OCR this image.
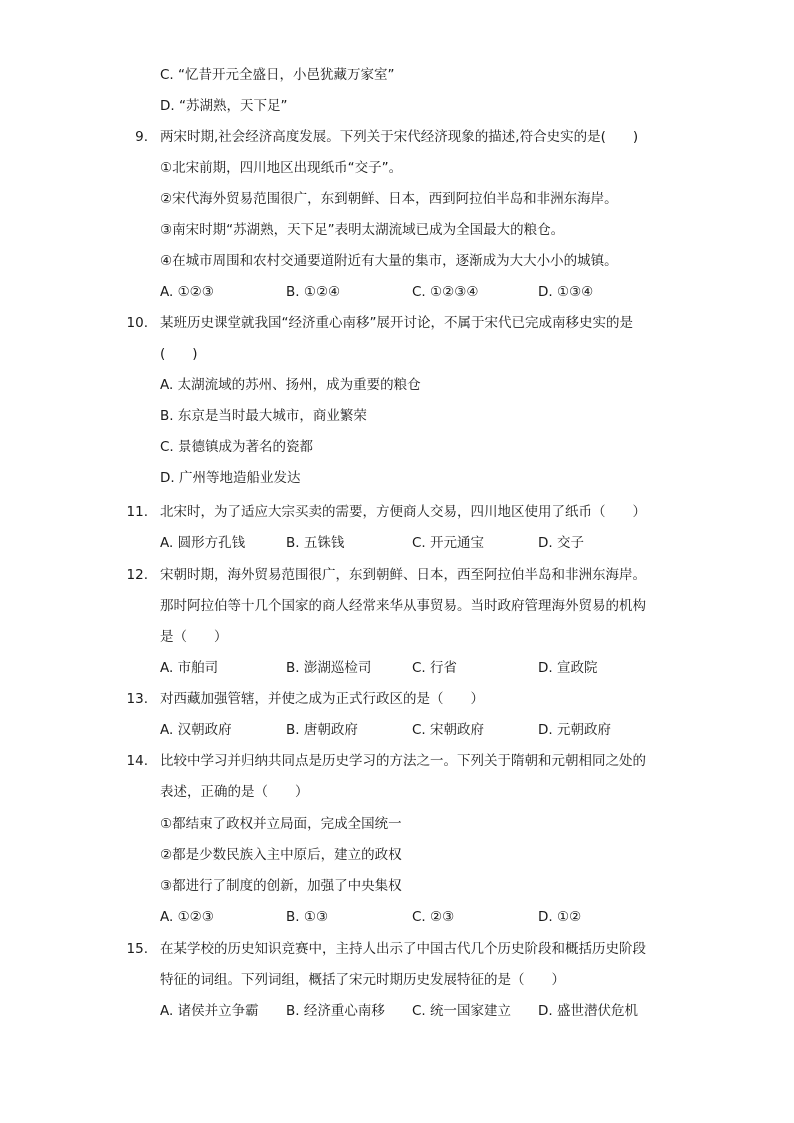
C. “忆昔开元全盛日，小邑犹藏万家室”
D. “苏湖熟，天下足”
9. 两宋时期,社会经济高度发展。下列关于宋代经济现象的描述,符合史实的是(　　)
①北宋前期，四川地区出现纸币“交子”。
②宋代海外贸易范围很广，东到朝鲜、日本，西到阿拉伯半岛和非洲东海岸。
③南宋时期“苏湖熟，天下足”表明太湖流域已成为全国最大的粮仓。
④在城市周围和农村交通要道附近有大量的集市，逐渐成为大大小小的城镇。
A. ①②③	B. ①②④	C. ①②③④	D. ①③④
10. 某班历史课堂就我国“经济重心南移”展开讨论，不属于宋代已完成南移史实的是
(　　)
A. 太湖流域的苏州、扬州，成为重要的粮仓
B. 东京是当时最大城市，商业繁荣
C. 景德镇成为著名的瓷都
D. 广州等地造船业发达
11. 北宋时，为了适应大宗买卖的需要，方便商人交易，四川地区使用了纸币（　　）
A. 圆形方孔钱	B. 五铢钱	C. 开元通宝	D. 交子
12. 宋朝时期，海外贸易范围很广，东到朝鲜、日本，西至阿拉伯半岛和非洲东海岸。
那时阿拉伯等十几个国家的商人经常来华从事贸易。当时政府管理海外贸易的机构
是（　　）
A. 市舶司	B. 澎湖巡检司	C. 行省	D. 宣政院
13. 对西藏加强管辖，并使之成为正式行政区的是（　　）
A. 汉朝政府	B. 唐朝政府	C. 宋朝政府	D. 元朝政府
14. 比较中学习并归纳共同点是历史学习的方法之一。下列关于隋朝和元朝相同之处的
表述，正确的是（　　）
①都结束了政权并立局面，完成全国统一
②都是少数民族入主中原后，建立的政权
③都进行了制度的创新，加强了中央集权
A. ①②③	B. ①③	C. ②③	D. ①②
15. 在某学校的历史知识竞赛中，主持人出示了中国古代几个历史阶段和概括历史阶段
特征的词组。下列词组，概括了宋元时期历史发展特征的是（　　）
A. 诸侯并立争霸 B. 经济重心南移 C. 统一国家建立 D. 盛世潜伏危机
